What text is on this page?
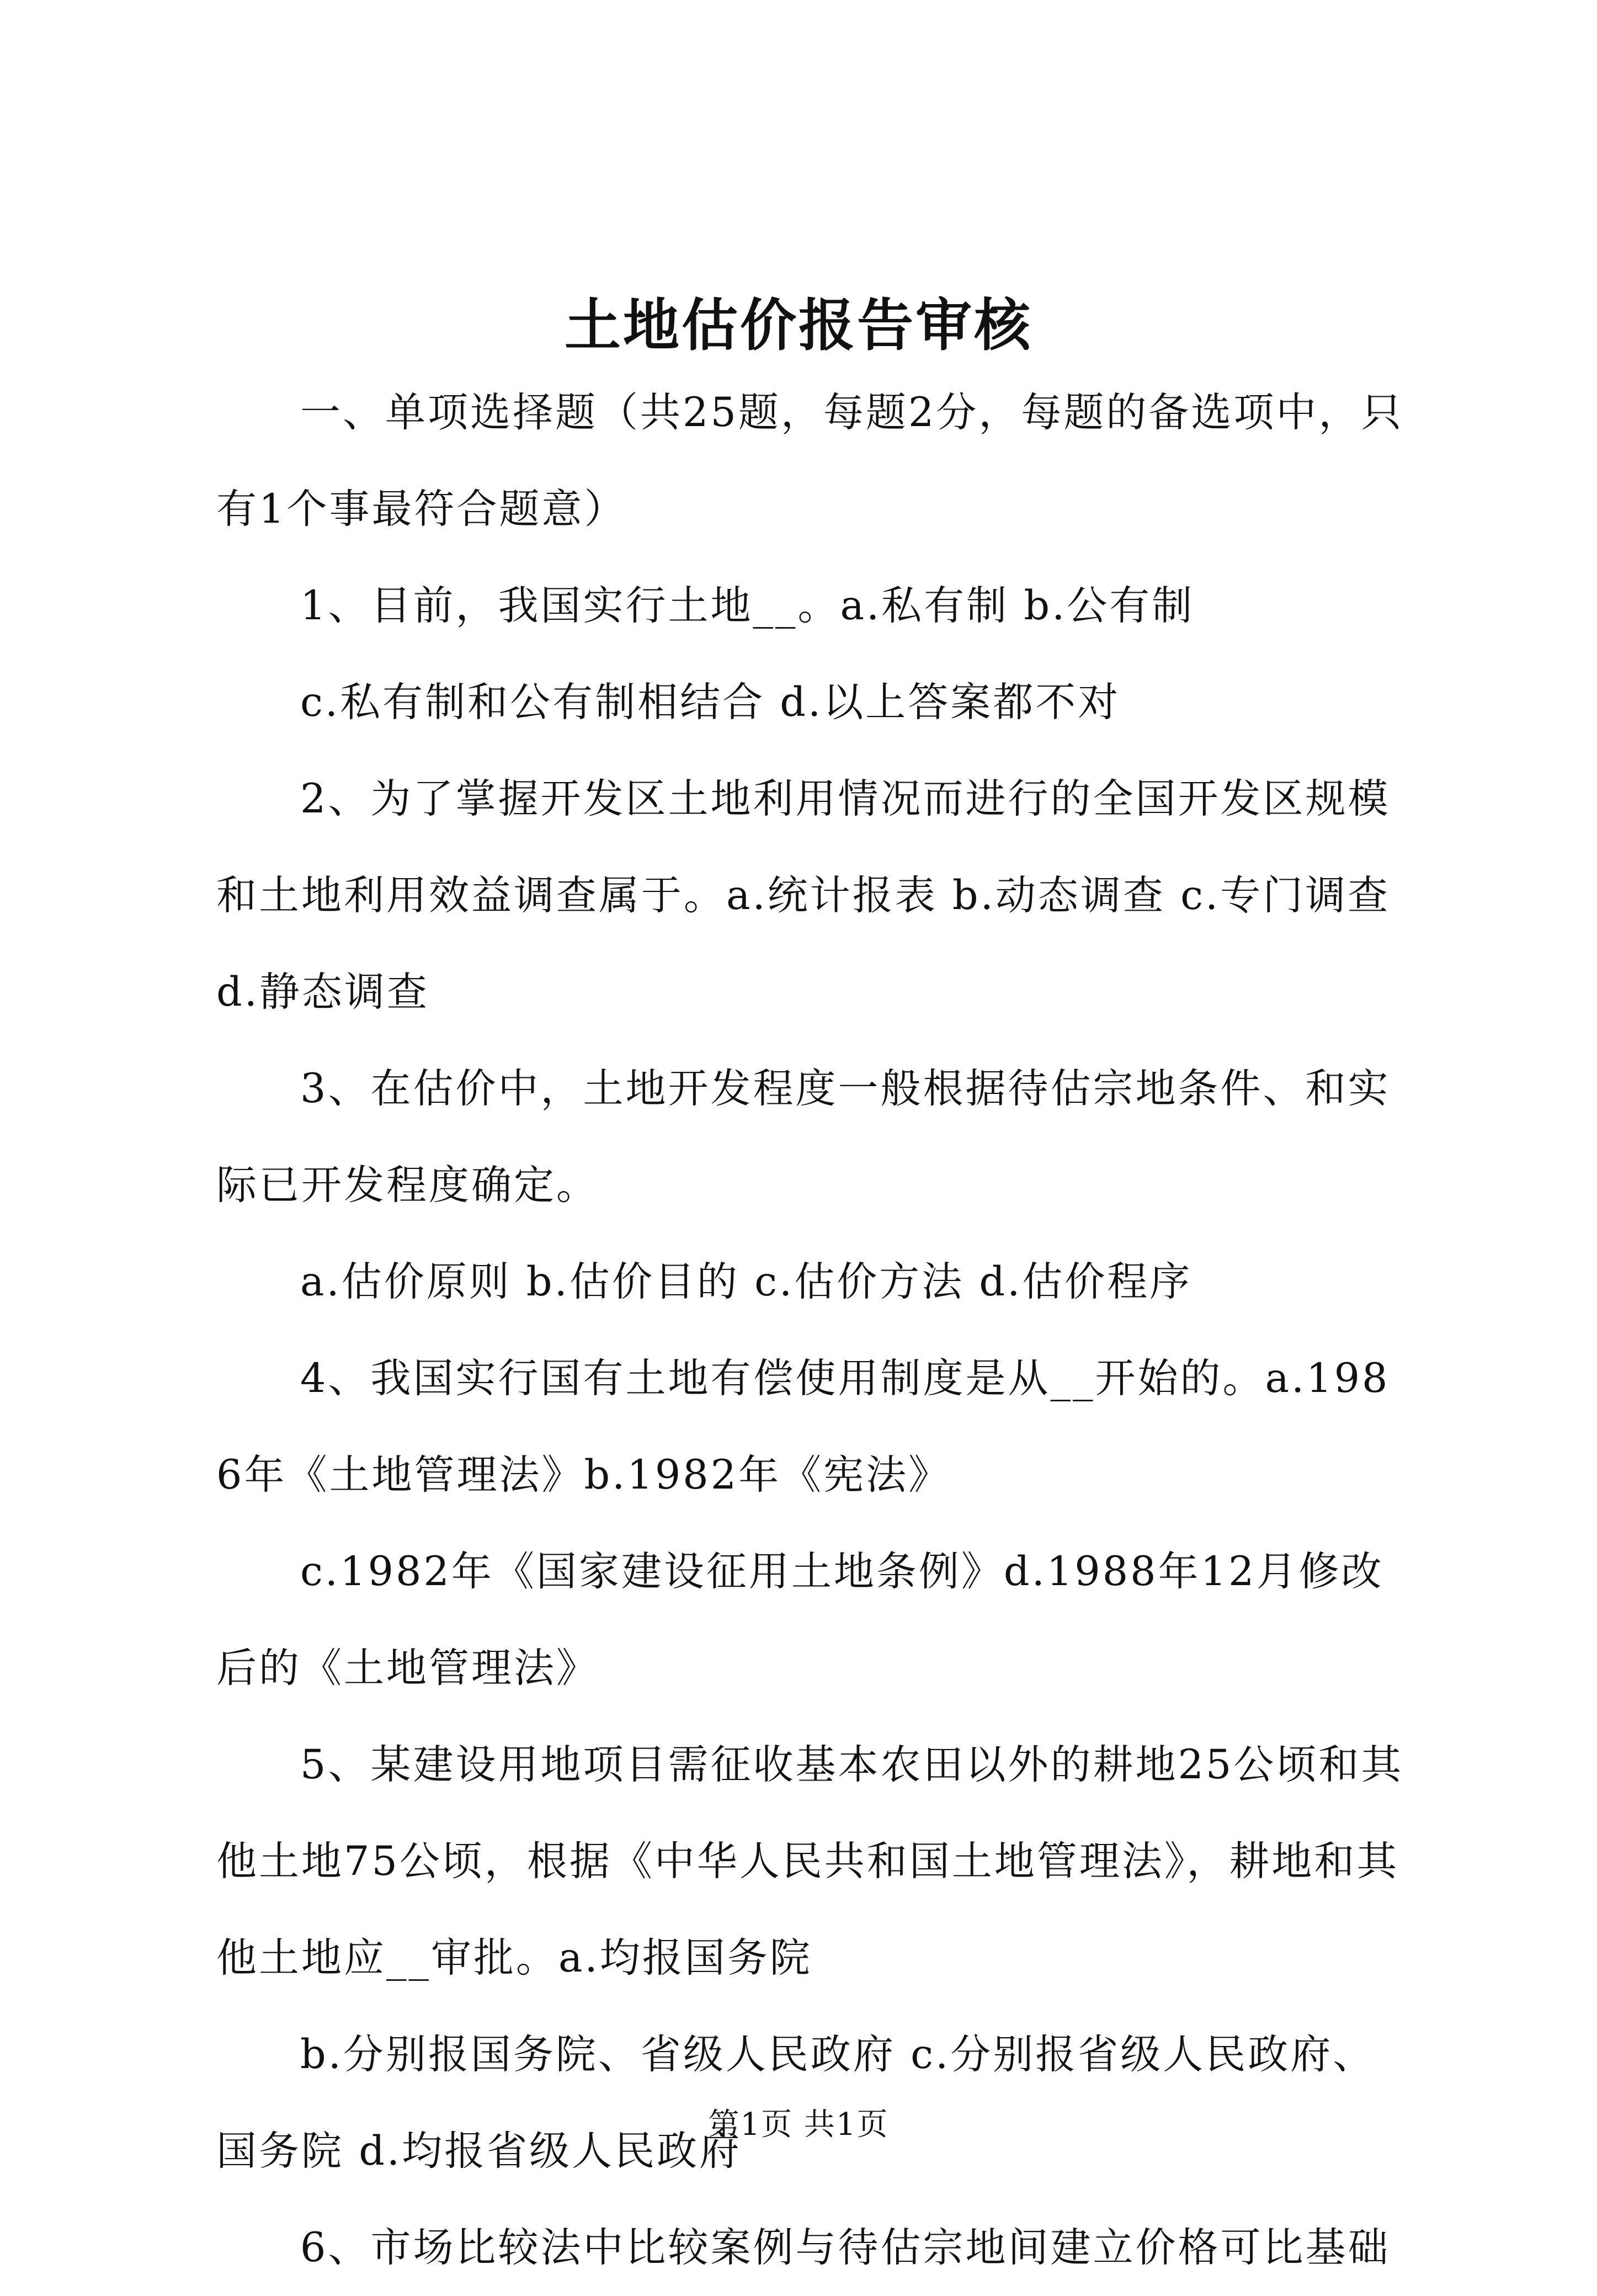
土地估价报告审核

一、单项选择题（共25题，每题2分，每题的备选项中，只有1个事最符合题意）

1、目前，我国实行土地__。a.私有制 b.公有制

c.私有制和公有制相结合 d.以上答案都不对

2、为了掌握开发区土地利用情况而进行的全国开发区规模和土地利用效益调查属于。a.统计报表 b.动态调查 c.专门调查 d.静态调查

3、在估价中，土地开发程度一般根据待估宗地条件、和实际已开发程度确定。

a.估价原则 b.估价目的 c.估价方法 d.估价程序

4、我国实行国有土地有偿使用制度是从__开始的。a.1986年《土地管理法》b.1982年《宪法》

c.1982年《国家建设征用土地条例》d.1988年12月修改后的《土地管理法》

5、某建设用地项目需征收基本农田以外的耕地25公顷和其他土地75公顷，根据《中华人民共和国土地管理法》，耕地和其他土地应__审批。a.均报国务院

b.分别报国务院、省级人民政府 c.分别报省级人民政府、国务院 d.均报省级人民政府

6、市场比较法中比较案例与待估宗地间建立价格可比基础

第1页 共1页
